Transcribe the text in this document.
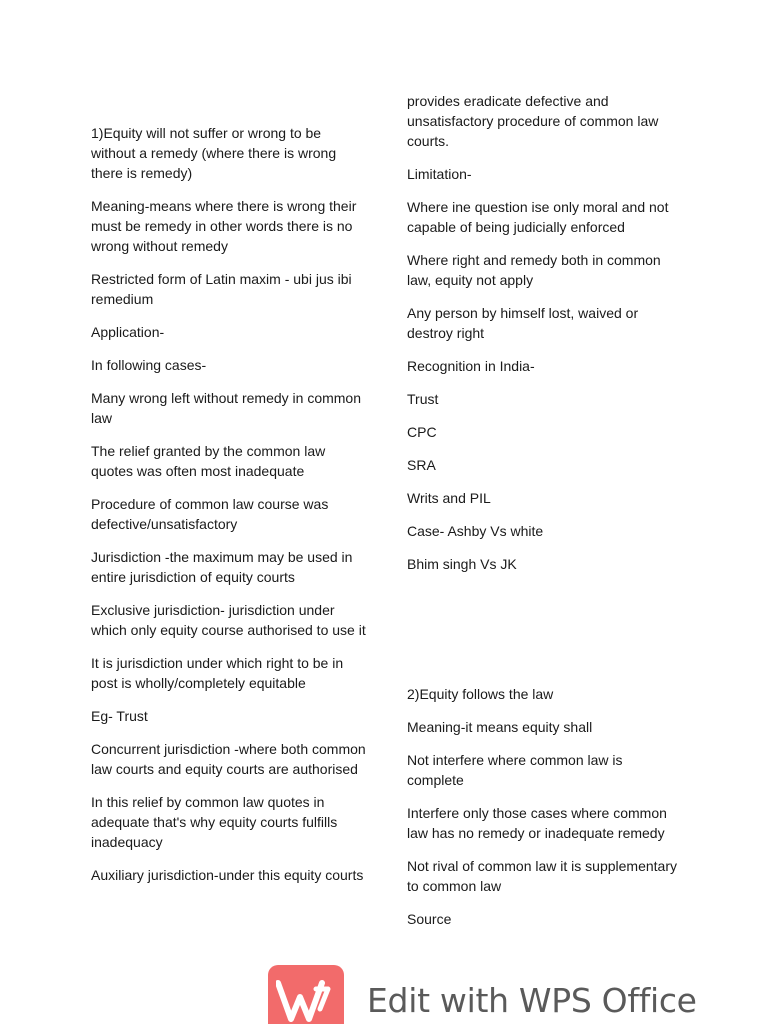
1)Equity will not suffer or wrong to be without a remedy (where there is wrong there is remedy)

Meaning-means where there is wrong their must be remedy in other words there is no wrong without remedy

Restricted form of Latin maxim - ubi jus ibi remedium

Application-

In following cases-

Many wrong left without remedy in common law

The relief granted by the common law quotes was often most inadequate

Procedure of common law course was defective/unsatisfactory

Jurisdiction -the maximum may be used in entire jurisdiction of equity courts

Exclusive jurisdiction- jurisdiction under which only equity course authorised to use it

It is jurisdiction under which right to be in post is wholly/completely equitable

Eg- Trust

Concurrent jurisdiction -where both common law courts and equity courts are authorised

In this relief by common law quotes in adequate that's why equity courts fulfills inadequacy

Auxiliary jurisdiction-under this equity courts

provides eradicate defective and unsatisfactory procedure of common law courts.

Limitation-

Where ine question ise only moral and not capable of being judicially enforced

Where right and remedy both in common law, equity not apply

Any person by himself lost, waived or destroy right

Recognition in India-

Trust

CPC

SRA

Writs and PIL

Case- Ashby Vs white

Bhim singh Vs JK

2)Equity follows the law

Meaning-it means equity shall

Not interfere where common law is complete

Interfere only those cases where common law has no remedy or inadequate remedy

Not rival of common law it is supplementary to common law

Source

Edit with WPS Office
